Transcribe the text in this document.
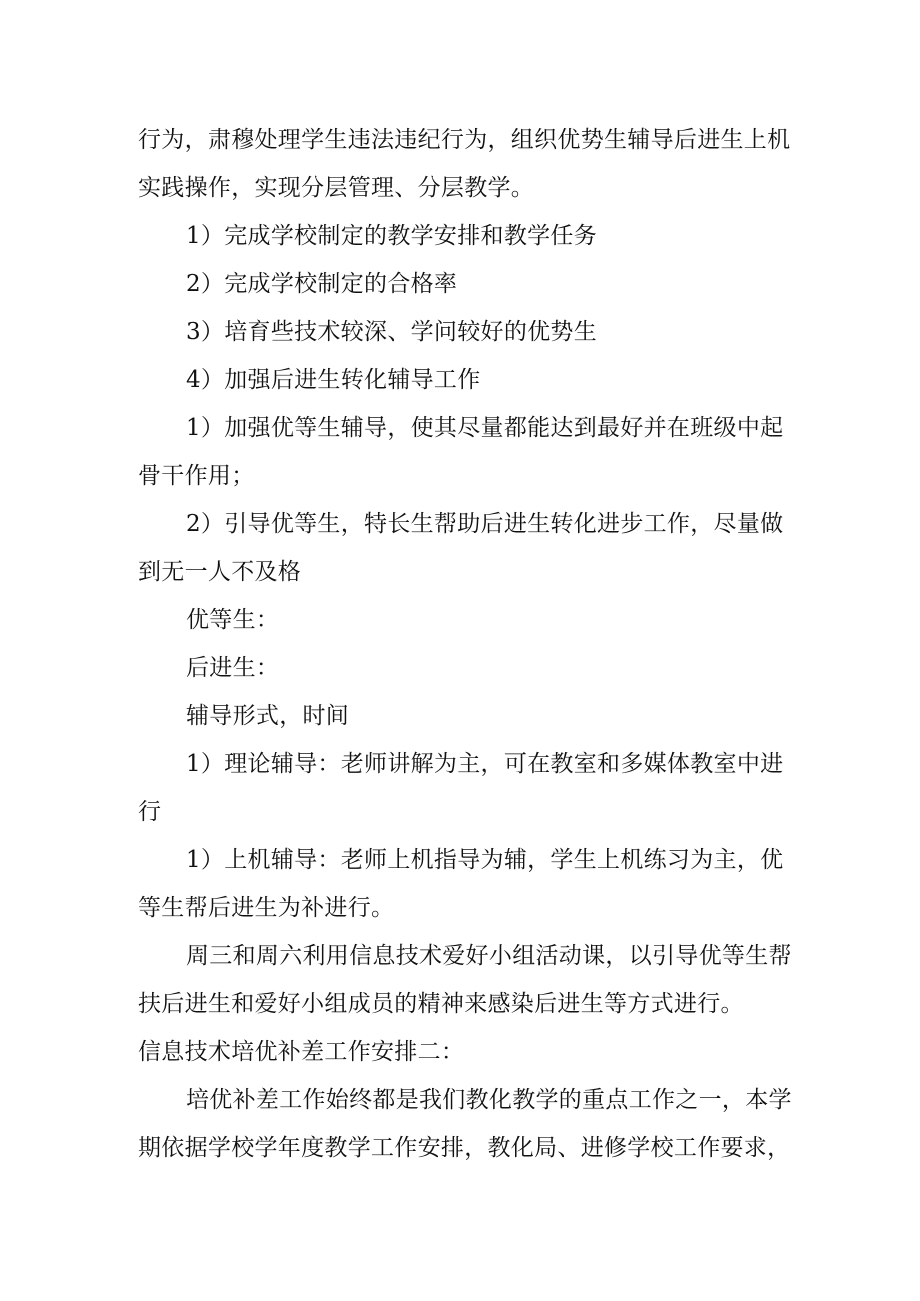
行为，肃穆处理学生违法违纪行为，组织优势生辅导后进生上机
实践操作，实现分层管理、分层教学。
1）完成学校制定的教学安排和教学任务
2）完成学校制定的合格率
3）培育些技术较深、学问较好的优势生
4）加强后进生转化辅导工作
1）加强优等生辅导，使其尽量都能达到最好并在班级中起
骨干作用；
2）引导优等生，特长生帮助后进生转化进步工作，尽量做
到无一人不及格
优等生：
后进生：
辅导形式，时间
1）理论辅导：老师讲解为主，可在教室和多媒体教室中进
行
1）上机辅导：老师上机指导为辅，学生上机练习为主，优
等生帮后进生为补进行。
周三和周六利用信息技术爱好小组活动课，以引导优等生帮
扶后进生和爱好小组成员的精神来感染后进生等方式进行。
信息技术培优补差工作安排二：
培优补差工作始终都是我们教化教学的重点工作之一，本学
期依据学校学年度教学工作安排，教化局、进修学校工作要求，
